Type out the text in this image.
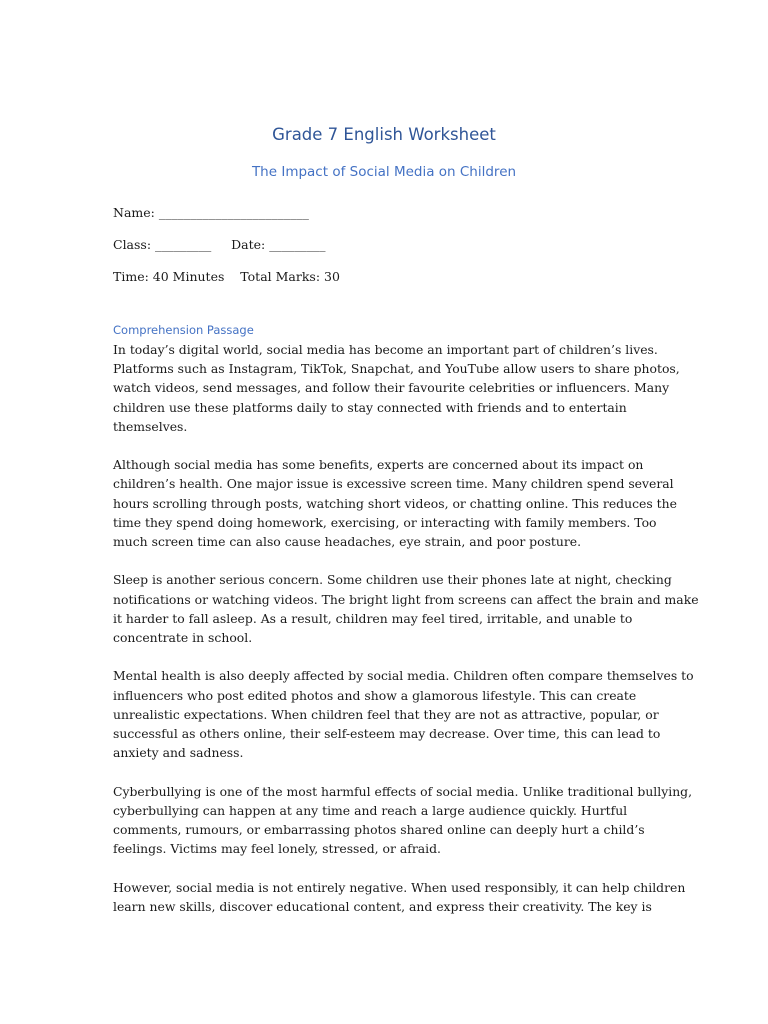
Grade 7 English Worksheet
The Impact of Social Media on Children
Name: ________________________
Class: _________     Date: _________
Time: 40 Minutes    Total Marks: 30
Comprehension Passage

In today’s digital world, social media has become an important part of children’s lives.
Platforms such as Instagram, TikTok, Snapchat, and YouTube allow users to share photos,
watch videos, send messages, and follow their favourite celebrities or influencers. Many
children use these platforms daily to stay connected with friends and to entertain
themselves.

Although social media has some benefits, experts are concerned about its impact on
children’s health. One major issue is excessive screen time. Many children spend several
hours scrolling through posts, watching short videos, or chatting online. This reduces the
time they spend doing homework, exercising, or interacting with family members. Too
much screen time can also cause headaches, eye strain, and poor posture.

Sleep is another serious concern. Some children use their phones late at night, checking
notifications or watching videos. The bright light from screens can affect the brain and make
it harder to fall asleep. As a result, children may feel tired, irritable, and unable to
concentrate in school.

Mental health is also deeply affected by social media. Children often compare themselves to
influencers who post edited photos and show a glamorous lifestyle. This can create
unrealistic expectations. When children feel that they are not as attractive, popular, or
successful as others online, their self-esteem may decrease. Over time, this can lead to
anxiety and sadness.

Cyberbullying is one of the most harmful effects of social media. Unlike traditional bullying,
cyberbullying can happen at any time and reach a large audience quickly. Hurtful
comments, rumours, or embarrassing photos shared online can deeply hurt a child’s
feelings. Victims may feel lonely, stressed, or afraid.

However, social media is not entirely negative. When used responsibly, it can help children
learn new skills, discover educational content, and express their creativity. The key is
